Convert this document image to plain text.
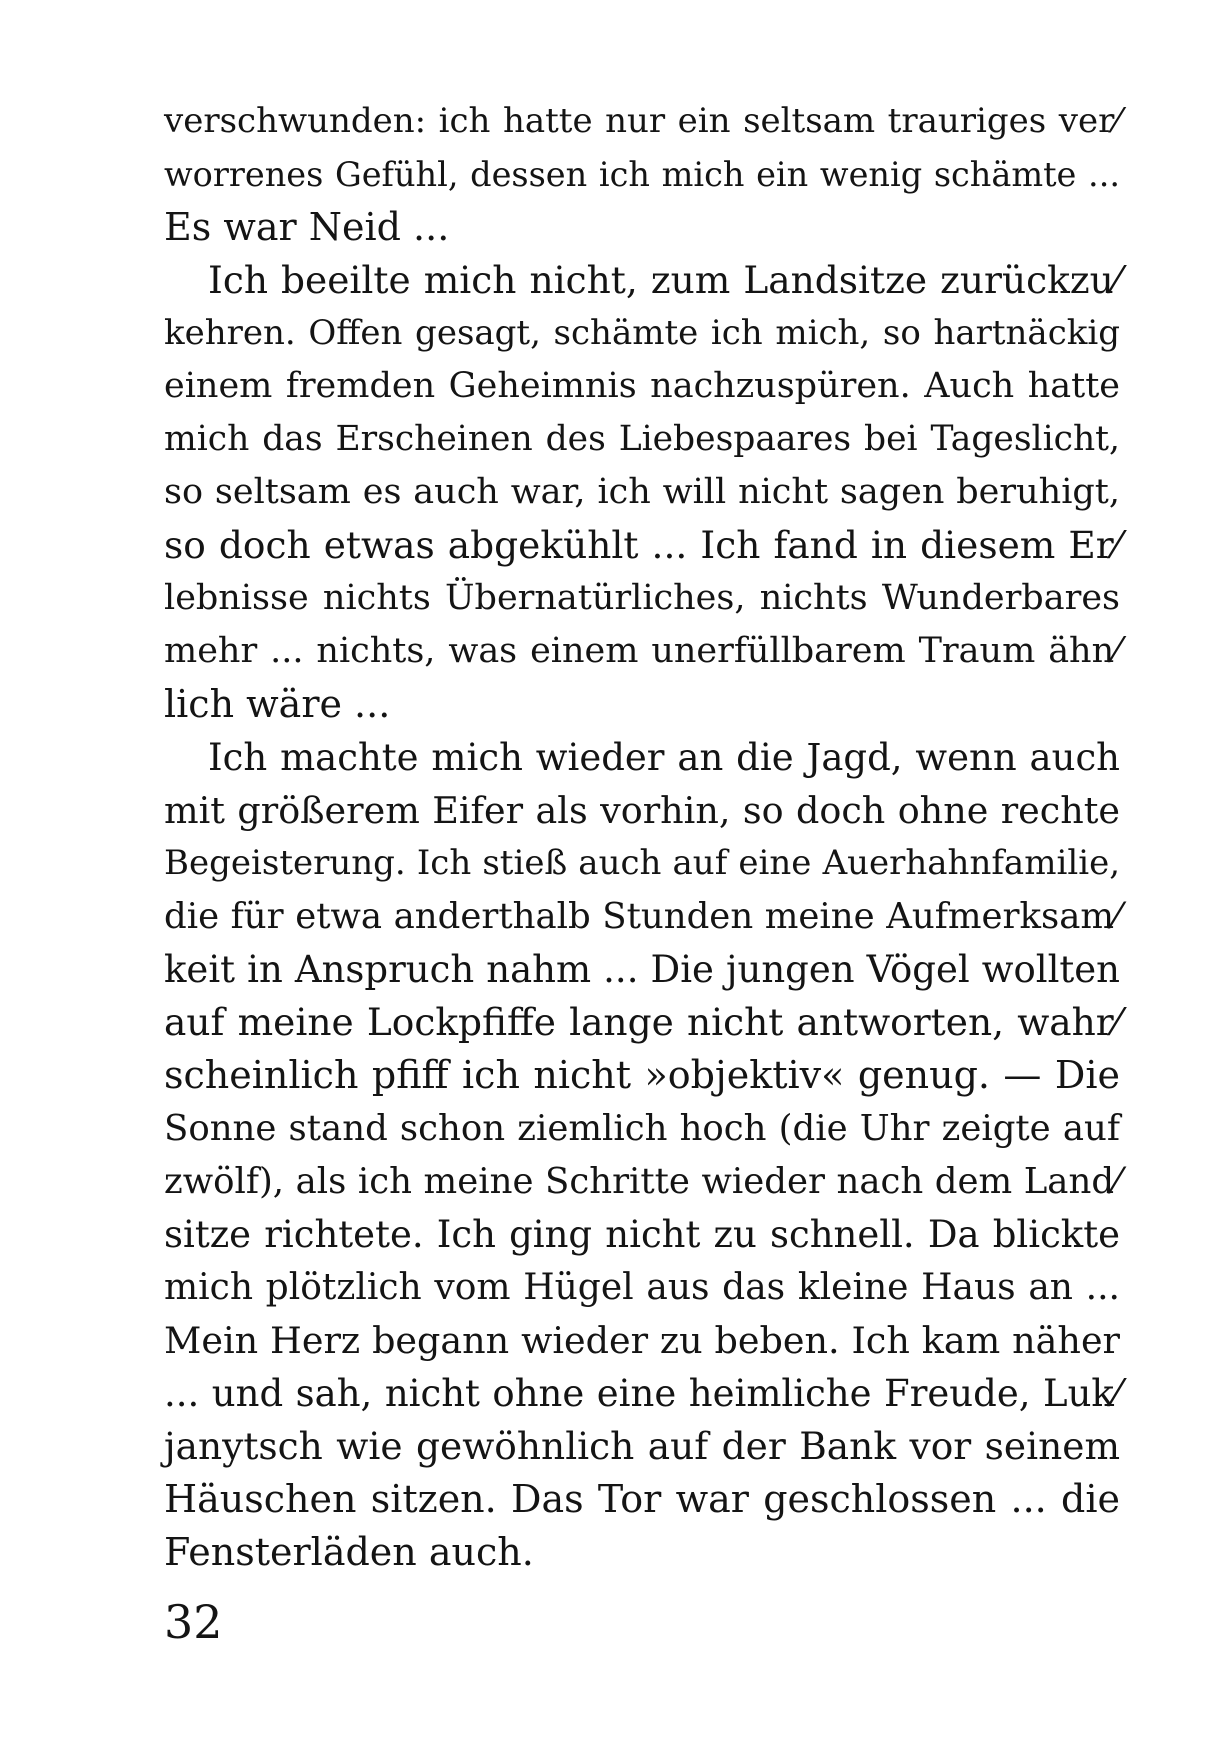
verschwunden: ich hatte nur ein seltsam trauriges ver⁄
worrenes Gefühl, dessen ich mich ein wenig schämte ...
Es war Neid ...
Ich beeilte mich nicht, zum Landsitze zurückzu⁄
kehren. Offen gesagt, schämte ich mich, so hartnäckig
einem fremden Geheimnis nachzuspüren. Auch hatte
mich das Erscheinen des Liebespaares bei Tageslicht,
so seltsam es auch war, ich will nicht sagen beruhigt,
so doch etwas abgekühlt ... Ich fand in diesem Er⁄
lebnisse nichts Übernatürliches, nichts Wunderbares
mehr ... nichts, was einem unerfüllbarem Traum ähn⁄
lich wäre ...
Ich machte mich wieder an die Jagd, wenn auch
mit größerem Eifer als vorhin, so doch ohne rechte
Begeisterung. Ich stieß auch auf eine Auerhahnfamilie,
die für etwa anderthalb Stunden meine Aufmerksam⁄
keit in Anspruch nahm ... Die jungen Vögel wollten
auf meine Lockpfiffe lange nicht antworten, wahr⁄
scheinlich pfiff ich nicht »objektiv« genug. — Die
Sonne stand schon ziemlich hoch (die Uhr zeigte auf
zwölf), als ich meine Schritte wieder nach dem Land⁄
sitze richtete. Ich ging nicht zu schnell. Da blickte
mich plötzlich vom Hügel aus das kleine Haus an ...
Mein Herz begann wieder zu beben. Ich kam näher
... und sah, nicht ohne eine heimliche Freude, Luk⁄
janytsch wie gewöhnlich auf der Bank vor seinem
Häuschen sitzen. Das Tor war geschlossen ... die
Fensterläden auch.
32
